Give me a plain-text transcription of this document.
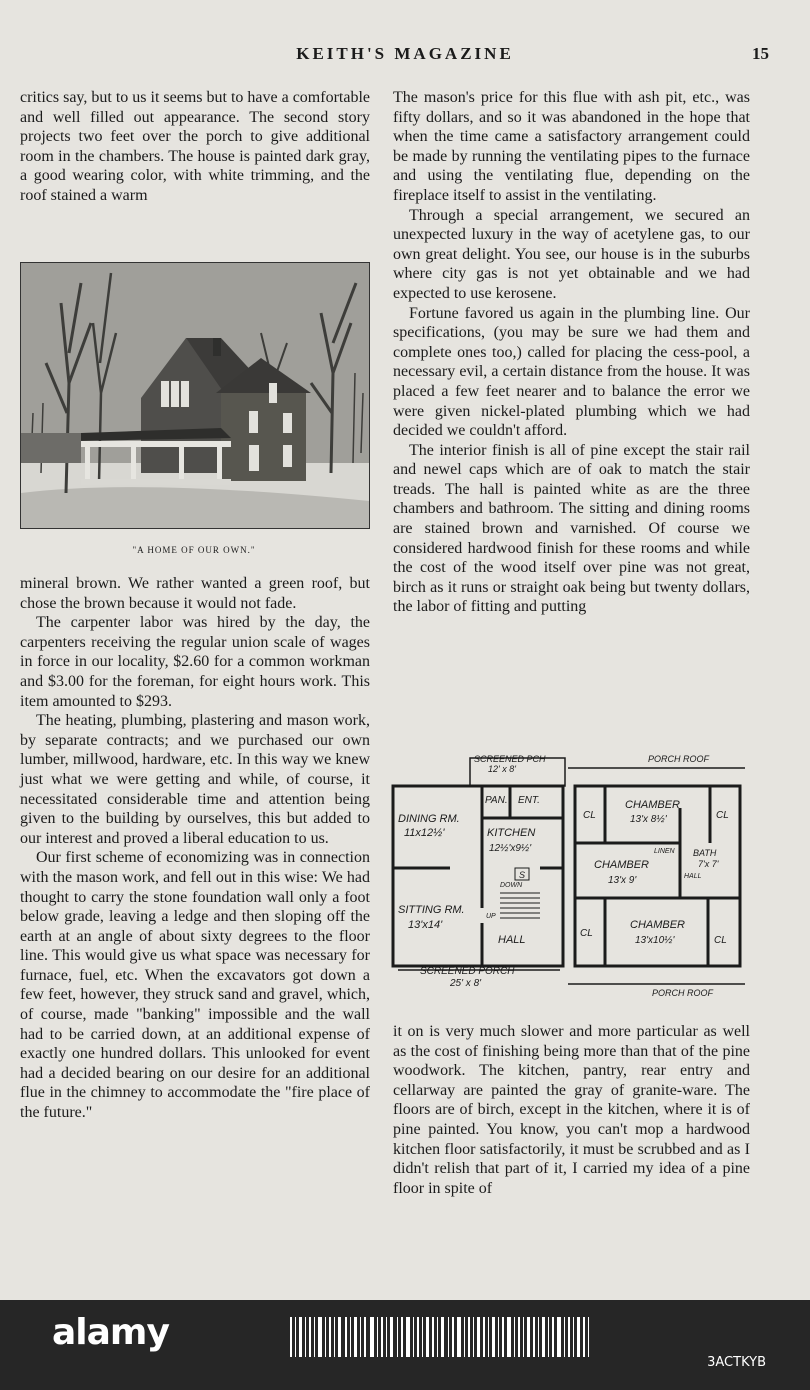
KEITH'S MAGAZINE	15

critics say, but to us it seems but to have a comfortable and well filled out appearance. The second story projects two feet over the porch to give additional room in the chambers. The house is painted dark gray, a good wearing color, with white trimming, and the roof stained a warm

"A HOME OF OUR OWN."

mineral brown. We rather wanted a green roof, but chose the brown because it would not fade.

The carpenter labor was hired by the day, the carpenters receiving the regular union scale of wages in force in our locality, $2.60 for a common workman and $3.00 for the foreman, for eight hours work. This item amounted to $293.

The heating, plumbing, plastering and mason work, by separate contracts; and we purchased our own lumber, millwood, hardware, etc. In this way we knew just what we were getting and while, of course, it necessitated considerable time and attention being given to the building by ourselves, this but added to our interest and proved a liberal education to us.

Our first scheme of economizing was in connection with the mason work, and fell out in this wise: We had thought to carry the stone foundation wall only a foot below grade, leaving a ledge and then sloping off the earth at an angle of about sixty degrees to the floor line. This would give us what space was necessary for furnace, fuel, etc. When the excavators got down a few feet, however, they struck sand and gravel, which, of course, made "banking" impossible and the wall had to be carried down, at an additional expense of exactly one hundred dollars. This unlooked for event had a decided bearing on our desire for an additional flue in the chimney to accommodate the "fire place of the future."

The mason's price for this flue with ash pit, etc., was fifty dollars, and so it was abandoned in the hope that when the time came a satisfactory arrangement could be made by running the ventilating pipes to the furnace and using the ventilating flue, depending on the fireplace itself to assist in the ventilating.

Through a special arrangement, we secured an unexpected luxury in the way of acetylene gas, to our own great delight. You see, our house is in the suburbs where city gas is not yet obtainable and we had expected to use kerosene.

Fortune favored us again in the plumbing line. Our specifications, (you may be sure we had them and complete ones too,) called for placing the cess-pool, a necessary evil, a certain distance from the house. It was placed a few feet nearer and to balance the error we were given nickel-plated plumbing which we had decided we couldn't afford.

The interior finish is all of pine except the stair rail and newel caps which are of oak to match the stair treads. The hall is painted white as are the three chambers and bathroom. The sitting and dining rooms are stained brown and varnished. Of course we considered hardwood finish for these rooms and while the cost of the wood itself over pine was not great, birch as it runs or straight oak being but twenty dollars, the labor of fitting and putting

SCREENED PCH
12' x 8'
PAN. ENT.
DINING RM.
11x12½'	KITCHEN
12½'x9½'
S
DOWN
UP
SITTING RM.
13'x14'
HALL
SCREENED PORCH
25' x 8'
PORCH ROOF
CL	CL
CHAMBER
13'x 8½'
BATH
7'x 7'
LINEN
HALL
CHAMBER
13'x 9'
CL
CL
CHAMBER
13'x10½'
PORCH ROOF

it on is very much slower and more particular as well as the cost of finishing being more than that of the pine woodwork. The kitchen, pantry, rear entry and cellarway are painted the gray of granite-ware. The floors are of birch, except in the kitchen, where it is of pine painted. You know, you can't mop a hardwood kitchen floor satisfactorily, it must be scrubbed and as I didn't relish that part of it, I carried my idea of a pine floor in spite of

alamy
3ACTKYB
